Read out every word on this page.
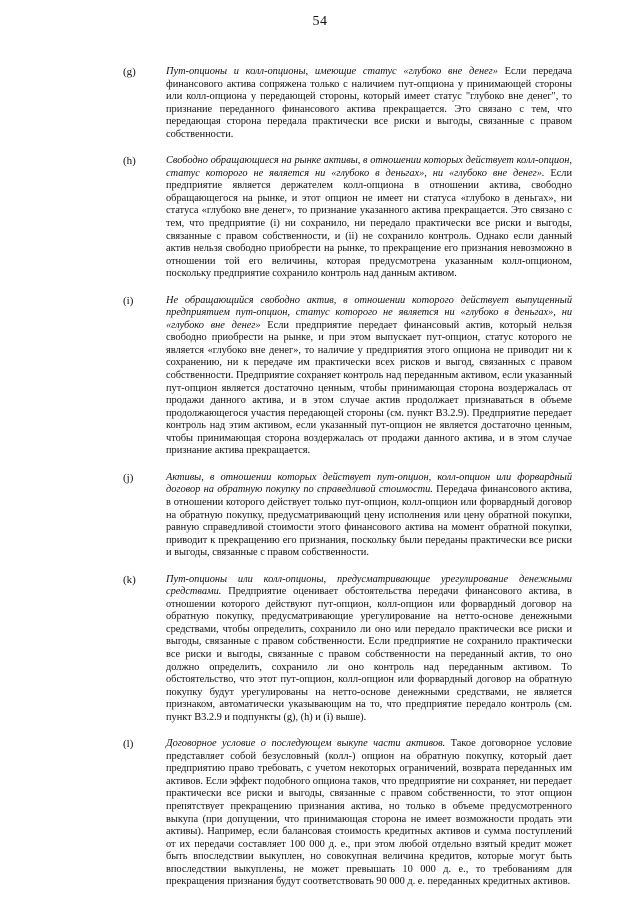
54
(g)	Пут-опционы и колл-опционы, имеющие статус «глубоко вне денег» Если передача финансового актива сопряжена только с наличием пут-опциона у принимающей стороны или колл-опциона у передающей стороны, который имеет статус "глубоко вне денег", то признание переданного финансового актива прекращается. Это связано с тем, что передающая сторона передала практически все риски и выгоды, связанные с правом собственности.
(h)	Свободно обращающиеся на рынке активы, в отношении которых действует колл-опцион, статус которого не является ни «глубоко в деньгах», ни «глубоко вне денег». Если предприятие является держателем колл-опциона в отношении актива, свободно обращающегося на рынке, и этот опцион не имеет ни статуса «глубоко в деньгах», ни статуса «глубоко вне денег», то признание указанного актива прекращается. Это связано с тем, что предприятие (i) ни сохранило, ни передало практически все риски и выгоды, связанные с правом собственности, и (ii) не сохранило контроль. Однако если данный актив нельзя свободно приобрести на рынке, то прекращение его признания невозможно в отношении той его величины, которая предусмотрена указанным колл-опционом, поскольку предприятие сохранило контроль над данным активом.
(i)	Не обращающийся свободно актив, в отношении которого действует выпущенный предприятием пут-опцион, статус которого не является ни «глубоко в деньгах», ни «глубоко вне денег» Если предприятие передает финансовый актив, который нельзя свободно приобрести на рынке, и при этом выпускает пут-опцион, статус которого не является «глубоко вне денег», то наличие у предприятия этого опциона не приводит ни к сохранению, ни к передаче им практически всех рисков и выгод, связанных с правом собственности. Предприятие сохраняет контроль над переданным активом, если указанный пут-опцион является достаточно ценным, чтобы принимающая сторона воздержалась от продажи данного актива, и в этом случае актив продолжает признаваться в объеме продолжающегося участия передающей стороны (см. пункт В3.2.9). Предприятие передает контроль над этим активом, если указанный пут-опцион не является достаточно ценным, чтобы принимающая сторона воздержалась от продажи данного актива, и в этом случае признание актива прекращается.
(j)	Активы, в отношении которых действует пут-опцион, колл-опцион или форвардный договор на обратную покупку по справедливой стоимости. Передача финансового актива, в отношении которого действует только пут-опцион, колл-опцион или форвардный договор на обратную покупку, предусматривающий цену исполнения или цену обратной покупки, равную справедливой стоимости этого финансового актива на момент обратной покупки, приводит к прекращению его признания, поскольку были переданы практически все риски и выгоды, связанные с правом собственности.
(k)	Пут-опционы или колл-опционы, предусматривающие урегулирование денежными средствами. Предприятие оценивает обстоятельства передачи финансового актива, в отношении которого действуют пут-опцион, колл-опцион или форвардный договор на обратную покупку, предусматривающие урегулирование на нетто-основе денежными средствами, чтобы определить, сохранило ли оно или передало практически все риски и выгоды, связанные с правом собственности. Если предприятие не сохранило практически все риски и выгоды, связанные с правом собственности на переданный актив, то оно должно определить, сохранило ли оно контроль над переданным активом. То обстоятельство, что этот пут-опцион, колл-опцион или форвардный договор на обратную покупку будут урегулированы на нетто-основе денежными средствами, не является признаком, автоматически указывающим на то, что предприятие передало контроль (см. пункт В3.2.9 и подпункты (g), (h) и (i) выше).
(l)	Договорное условие о последующем выкупе части активов. Такое договорное условие представляет собой безусловный (колл-) опцион на обратную покупку, который дает предприятию право требовать, с учетом некоторых ограничений, возврата переданных им активов. Если эффект подобного опциона таков, что предприятие ни сохраняет, ни передает практически все риски и выгоды, связанные с правом собственности, то этот опцион препятствует прекращению признания актива, но только в объеме предусмотренного выкупа (при допущении, что принимающая сторона не имеет возможности продать эти активы). Например, если балансовая стоимость кредитных активов и сумма поступлений от их передачи составляет 100 000 д. е., при этом любой отдельно взятый кредит может быть впоследствии выкуплен, но совокупная величина кредитов, которые могут быть впоследствии выкуплены, не может превышать 10 000 д. е., то требованиям для прекращения признания будут соответствовать 90 000 д. е. переданных кредитных активов.
